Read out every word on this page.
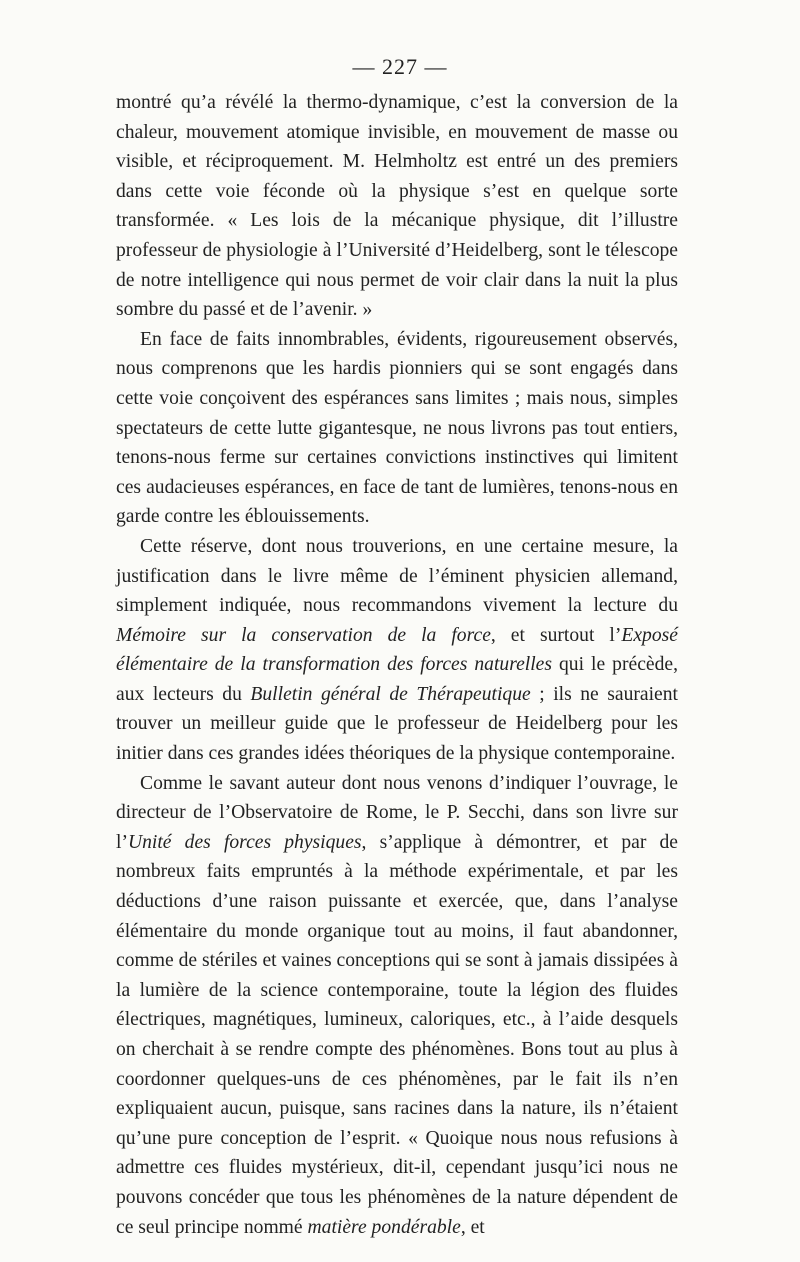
— 227 —

montré qu’a révélé la thermo-dynamique, c’est la conversion de la chaleur, mouvement atomique invisible, en mouvement de masse ou visible, et réciproquement. M. Helmholtz est entré un des premiers dans cette voie féconde où la physique s’est en quelque sorte transformée. « Les lois de la mécanique physique, dit l’illustre professeur de physiologie à l’Université d’Heidelberg, sont le télescope de notre intelligence qui nous permet de voir clair dans la nuit la plus sombre du passé et de l’avenir. »

En face de faits innombrables, évidents, rigoureusement observés, nous comprenons que les hardis pionniers qui se sont engagés dans cette voie conçoivent des espérances sans limites ; mais nous, simples spectateurs de cette lutte gigantesque, ne nous livrons pas tout entiers, tenons-nous ferme sur certaines convictions instinctives qui limitent ces audacieuses espérances, en face de tant de lumières, tenons-nous en garde contre les éblouissements.

Cette réserve, dont nous trouverions, en une certaine mesure, la justification dans le livre même de l’éminent physicien allemand, simplement indiquée, nous recommandons vivement la lecture du Mémoire sur la conservation de la force, et surtout l’Exposé élémentaire de la transformation des forces naturelles qui le précède, aux lecteurs du Bulletin général de Thérapeutique ; ils ne sauraient trouver un meilleur guide que le professeur de Heidelberg pour les initier dans ces grandes idées théoriques de la physique contemporaine.

Comme le savant auteur dont nous venons d’indiquer l’ouvrage, le directeur de l’Observatoire de Rome, le P. Secchi, dans son livre sur l’Unité des forces physiques, s’applique à démontrer, et par de nombreux faits empruntés à la méthode expérimentale, et par les déductions d’une raison puissante et exercée, que, dans l’analyse élémentaire du monde organique tout au moins, il faut abandonner, comme de stériles et vaines conceptions qui se sont à jamais dissipées à la lumière de la science contemporaine, toute la légion des fluides électriques, magnétiques, lumineux, caloriques, etc., à l’aide desquels on cherchait à se rendre compte des phénomènes. Bons tout au plus à coordonner quelques-uns de ces phénomènes, par le fait ils n’en expliquaient aucun, puisque, sans racines dans la nature, ils n’étaient qu’une pure conception de l’esprit. « Quoique nous nous refusions à admettre ces fluides mystérieux, dit-il, cependant jusqu’ici nous ne pouvons concéder que tous les phénomènes de la nature dépendent de ce seul principe nommé matière pondérable, et
